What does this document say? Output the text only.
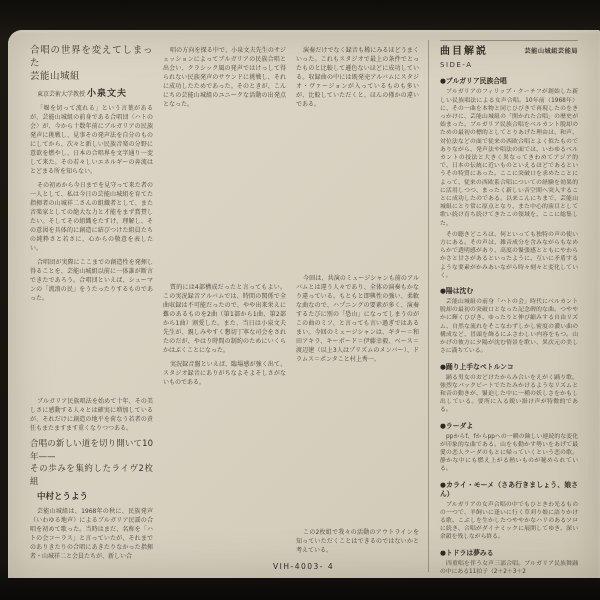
合唱の世界を変えてしまった
芸能山城組

東京芸術大学教授 小泉文夫

「堰を切って流れる」という言葉があるが、芸能山城組の前身である合唱団〈ハトの会〉が、今から十数年前にブルガリアの民族発声に挑戦し、見事その発声法を自分のものにしてから、次々と新しい民族音楽の分野に意欲を燃やし、日本の合唱界を文字通り一変して来た。その若々しいエネルギーの奔流はとどまる所を知らない。

その初めから今日までを見守って来た者の一人として、私は今日の芸能山城組を育てた指揮者の山城祥二さんの組織者として、また音楽家としての絶大な力と才能をまず賞賛したい。そしてその組織をたすけ、理解し、その意図を具体的に創造に結びつけた組員たちの純粋さと若さに、心からの敬意を表したい。

合唱団が実際にここまでの創造性を発揮し得ることを、芸能山城組以前に一体誰が断言できたであろう。合唱団といえば、シューマンの「流浪の民」をうたったりするものであった。

ブルガリア民族唱法を始めて十年、その美しさに感動する人々とは確実に増加しているが、それだけに創造の地平を荷なう若者の責任もまたますます重くなりつつある。

合唱の新しい道を切り開いて10年——
その歩みを集約したライヴ2枚組

中村とうよう

芸能山城組は、1968年の秋に、民族発声（いわゆる地声）によるブルガリア民謡の合唱を初めて歌った。当時はまだ、名称を「ハトの会コーラス」と言っていたが、それまでのありきたりの合唱にあきたりなかった指揮者・山城祥二と会員たちが、新しい合

唱の方向を探る中で、小泉文夫先生のサジェッションによってブルガリアの民族合唱と出会い、クラシック風の発声ではけっして得られない民族発声のサウンドに挑戦し、それに成功したためであった。そのときが、こんにちの芸能山城組のユニークな活動の出発点となった。

質的には4部構成だったと言ってもよい。この実況録音アルバムでは、時間の関係で全曲収録は不可能だったので、やや出来栄えに難のあるものを2曲（第1部から1曲、第2部から1曲）割愛した。また、当日は小泉文夫先生が、親しみやすく懇切丁寧な司会をされたのだが、やはり時間の制約のためにいくらかはぶくことになった。

実況録音盤といえば、臨場感が強く出て、スタジオ録音にありがちなよそよそしさがないものである。

演奏だけでなく録音も稀にみるほどうまくいった。これもスタジオで最上の条件でとったものと比較して遜色ないほどに成功している。収録曲の中には既発売アルバムにスタジオ・ヴァージョンが入っているものも多いが、比較していただくと、ほんの僅かの違いである。

今回は、共演のミュージシャンも前のアルバムとは違う人々であり、全体の演奏もかなり違っている。もともと即興性の強い、柔軟な曲なので、ハプニングの要素が多く、演奏するたびに別の「恐山」になってしまうのがこの曲のミソ、と言っても言い過ぎではあるまい。今回のミュージシャンは、ギター＝和田アキラ、キーボード＝伊藤幸毅、ベース＝渡辺建（以上3人はプリズムのメンバー）、ドラムス＝ポンタこと村上秀一。

この2枚組で我々の活動のアウトラインを知っていただくことはできるのではないかと考えている。

曲目解説	芸能山城組芸能局
SIDE-A
●ブルガリア民族合唱

ブルガリアのフィリップ・クーテフが創始した新しい民族唱法による女声合唱。10年前（1968年）に、その一曲を本物と同じひびきで再現したのをきっかけに、芸能山城組の「開かれた合唱」の歴史が始まった。ブルガリア民族合唱をベルカント脱却のための最初の標的としてとりあげた理由は、和声、対位法などの面で従来の西欧合唱とよく似たものでありながら、発声法や唱法の面では、いわゆるベルカントの技法と大きく異なってきわめてアジア的で、日本の伝統に近いものといえるほどであるというその特質にあった。ここに突破口を求めたことによって、従来の西欧系合唱についての経験を効果的に活用しつつ、まったく新しい音空間へ突入することに成功したのである。以来こんにちまで、芸能山城組にとり常に原点となり、また中心的演目として歌い続け育ち続けてきたこの領域を、ここに総集した。

その聴きどころは、何といっても独特の声の使い方にある。その声は、雑音成分を含みながらもなめらかで透明感があり、高度の緊張感とともにやわらかさと甘さがあるといったように、互いに矛盾するような要素がかみあいながら時々刻々と変化していく。

●陽は沈む

芸能山城組の前身「ハトの会」時代にベルカント脱却の最初の突破口となった記念碑的な曲。つややかに輝くひびき、ゆったりと伸び縮みする自由リズム、自然な流れをそこなわずしかし密度の濃い曲の構成など、冒頭を飾るにふさわしい内容をもつ。山かげの彼方に夕陽が沈む情景を歌い、異次元の美しさに満ちている。

●踊り上手なペトルンコ

踊る男女のおどけたからみ合いをえがく踊り歌。強烈なバックビートでたたみかけるようなリズムと和音の動きが、緊迫した中に一種の妖しさをかもし出している。要所に入る鋭い掛け声が特徴的である。

●ラーダよ

ppからf、fからppへの一瞬の険しい連続的な変化が印象的な曲である。山をも動かす勢いをあげて最愛の恋人ラーダのもとに帰っていくという恋の歌。静かな中にも燃え上がる熱いものが秘められている。

●カライ・モーメ（さあ行きましょう、娘さん）

ブルガリアの女声合唱の中でもひときわ光るものの一つで、羊飼いに逢いに行く草刈り娘に語りかける歌。こぶしを生かしたつややかなハリのあるソロに続き、合唱がダイナミックに展開してゆき、深い余韻を残しながら終る。

●トドラは夢みる

四重唱を伴う女声三部合唱。ブルガリア民族舞踊の中にある11拍子（2＋2＋3＋2

VIH-4003- 4
